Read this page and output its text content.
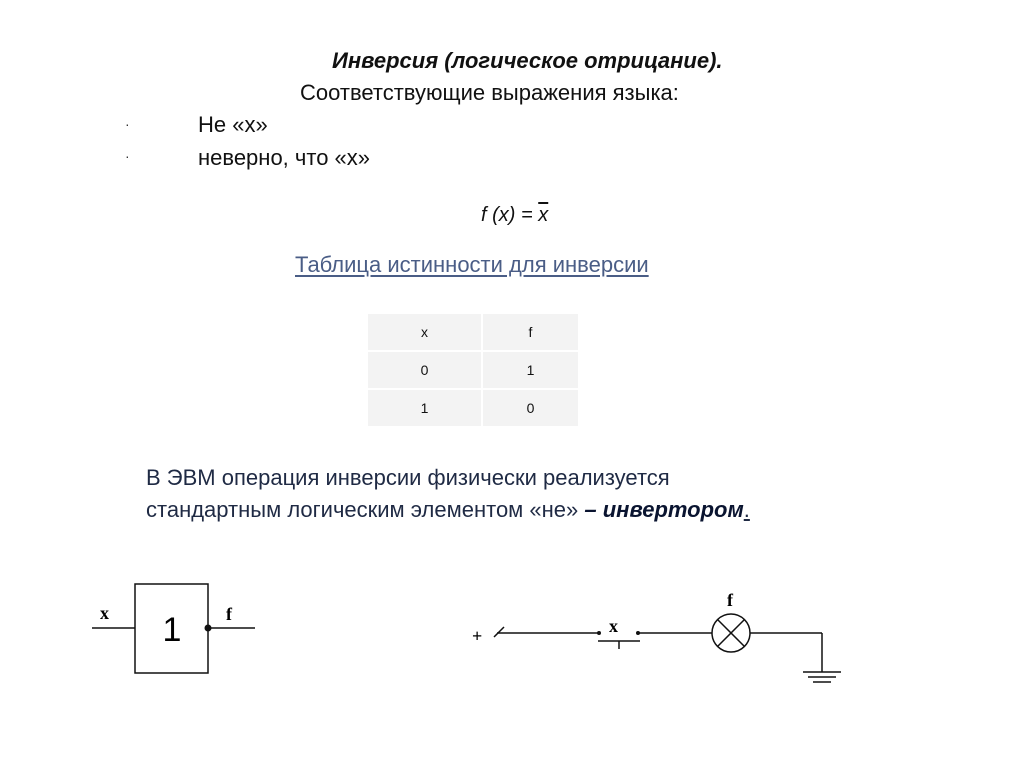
Инверсия (логическое отрицание).
Соответствующие выражения языка:
·	Не «х»
·	неверно, что «х»
f $(x) = \overline{x}$
Таблица истинности для инверсии
x	f
0	1
1	0
В ЭВМ операция инверсии физически реализуется
стандартным логическим элементом «не» – инвертором.
x 1 f
+	x
f
